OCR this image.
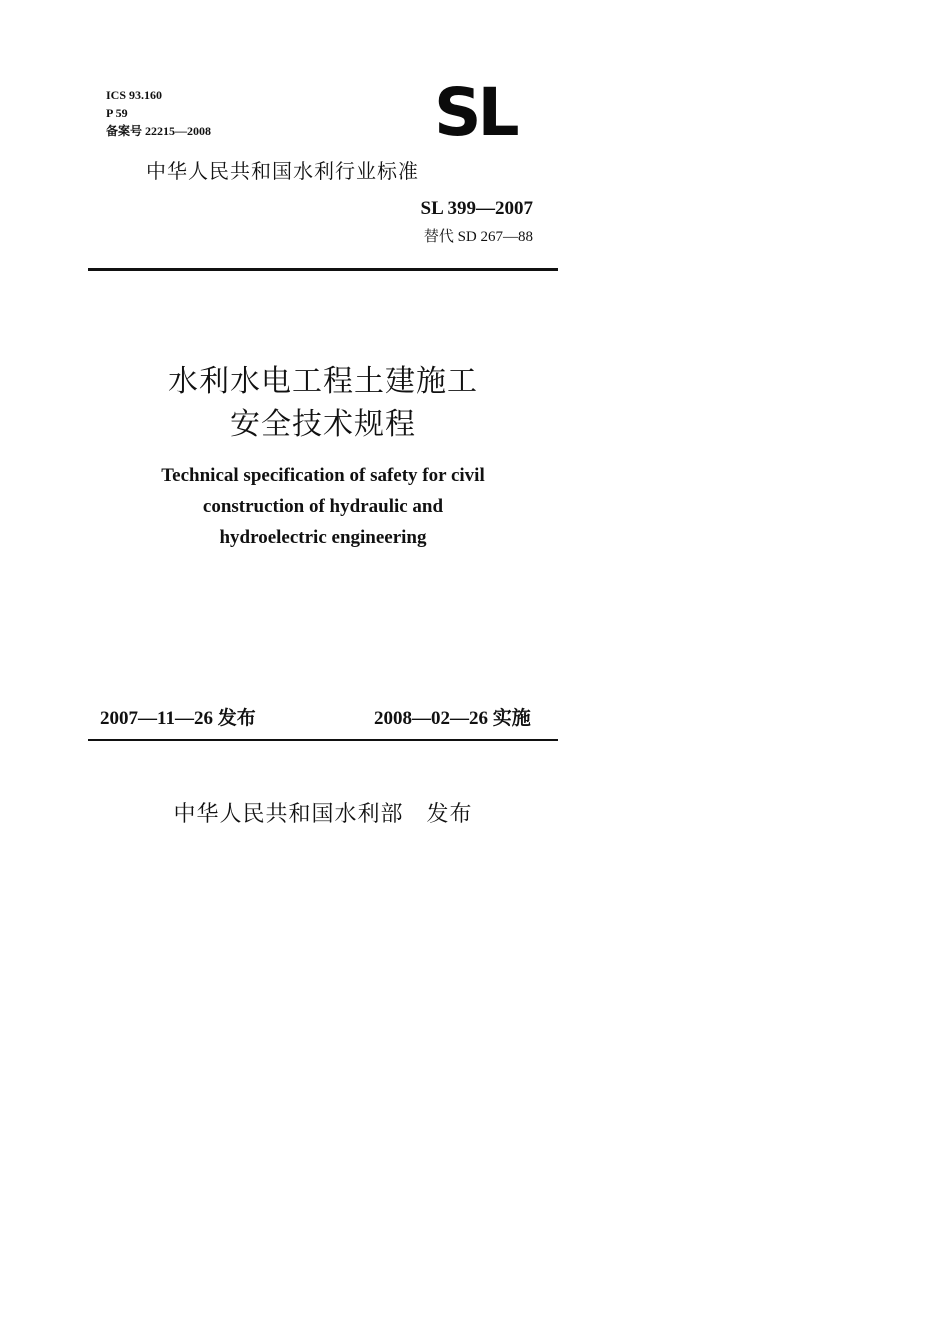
ICS 93.160
P 59
备案号 22215—2008	SL
中华人民共和国水利行业标准
SL 399—2007
替代 SD 267—88
水利水电工程土建施工
安全技术规程
Technical specification of safety for civil
construction of hydraulic and
hydroelectric engineering
2007—11—26 发布	2008—02—26 实施
中华人民共和国水利部　发布
